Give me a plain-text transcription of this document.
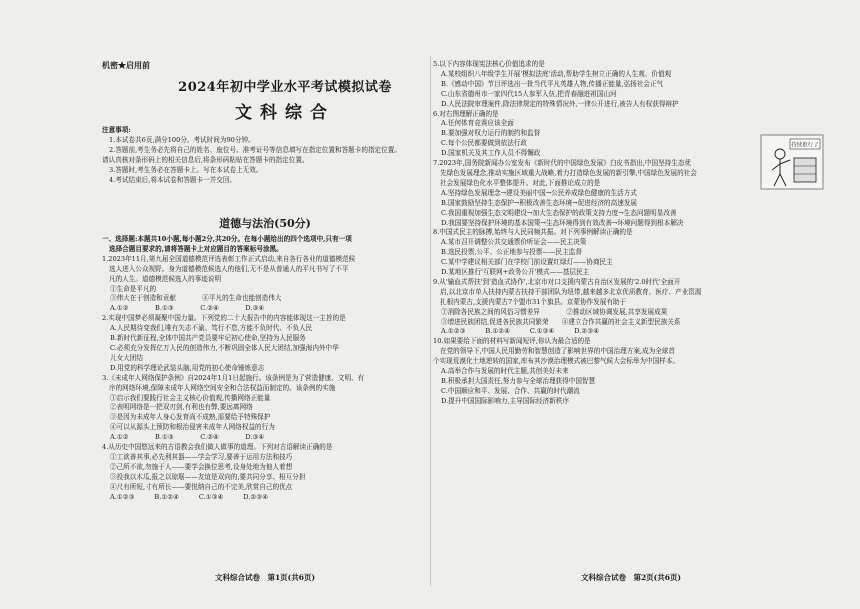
机密★启用前
2024年初中学业水平考试模拟试卷
文科综合
注意事项:
1.本试卷共6页,满分100分。考试时间为90分钟。
2.答题前,考生务必先将自己的姓名、座位号、准考证号等信息填写在指定位置和答题卡的指定位置。
请认真核对条形码上的相关信息后,将条形码粘贴在答题卡的指定位置。
3.答题时,考生务必在答题卡上。写在本试卷上无效。
4.考试结束后,将本试卷和答题卡一并交回。
道德与法治(50分)
一、选择题:本题共10小题,每小题2分,共20分。在每小题给出的四个选项中,只有一项
选择合题目要求的,请将答题卡上对应题目的答案标号涂黑。
1.2023年11月,第九届全国道德模范评选表彰工作正式启动,来自各行各业的道德模范候
选人进入公众视野。身为道德模范候选人的他们,无不是从普通人的平凡书写了不平
凡的人生。道德模范候选人的事迹说明
①生命是平凡的
③伟大在于创造和贡献　　　　④平凡的生命也能创造伟大
A.①②　　　　B.①③　　　　C.②④　　　　D.③④
2.实现中国梦必须凝聚中国力量。下列党的二十大报告中的内容能体现这一主旨的是
A.人民期待变我们,唯有矢志不渝、笃行不怠,方能不负时代、不负人民
B.新时代新征程,全体中国共产党员要牢记初心使命,坚持为人民服务
C.必须充分发挥亿万人民的创造伟力,不断巩固全体人民大团结,加强海内外中华
儿女大团结
D.用党的科学理论武装头脑,用党的初心使命锤炼意志
3.《未成年人网络保护条例》自2024年1月1日起施行。该条例是为了营造健康、文明、有
序的网络环境,保障未成年人网络空间安全和合法权益而制定的。该条例的实施
①启示我们要践行社会主义核心价值观,传播网络正能量
②表明网络是一把双刃剑,有利也有弊,要远离网络
③是因为未成年人身心发育尚不成熟,需要给予特殊保护
④可以从源头上预防和根治侵害未成年人网络权益的行为
A.①②　　　　B.①③　　　　C.②④　　　　D.③④
4.从历史中国悠远来的古语教会我们做人做事的道理。下列对古语解读正确的是
①工欲善其事,必先利其器——学会学习,要善于运用方法和技巧
②己所不欲,勿施于人——要学会换位思考,设身处地为他人着想
③投我以木瓜,报之以琼琚——友谊是双向的,要共同分享、相互分担
④尺有所短,寸有所长——要悦纳自己的不完美,欣赏自己的优点
A.①②③　　　B.①②④　　　C.①③④　　　D.②③④
文科综合试卷　第1页(共6页)
5.以下内容体现宪法核心价值追求的是
A.某校组织八年级学生开展'模拟法庭'活动,帮助学生树立正确的人生观、价值观
B.《感动中国》节目评选出一批当代平凡英雄人物,传播正能量,弘扬社会正气
C.山东省德州市一家四代15人参军入伍,把青春融进祖国山河
D.人民法院审理案件,除法律规定的特殊情况外,一律公开进行,被告人有权获得辩护
6.对右图理解正确的是
A.任何体育竞赛应该全面
B.要加强对权力运行的制约和监督
C.每个公民都要做到依法行政
D.国家机关及其工作人员不得懈政
7.2023年,国务院新闻办公室发布《新时代的中国绿色发展》白皮书指出,中国坚持生态优
先绿色发展理念,推动实施区域重大战略,着力打造绿色发展的新引擎,中国绿色发展的社会
社会发展绿色化水平整体提升。对此,下面推论成立的是
A.坚持绿色发展理念→建设美丽中国→公民养成绿色健康的生活方式
B.国家鼓励坚持生态保护→积极改善生态环境→促进经济的高速发展
C.我国重视加强生态文明建设→加大生态保护的政策支持力度→生态问题明显改善
D.我国要坚持保护环境的基本国策→生态环境得到有效改善→环境问题得到根本解决
8.中国式民主的脉搏,始终与人民同频共振。对下列事例解读正确的是
A.某市召开调整公共交通票价听证会——民主决策
B.选民投票,公平、公正地参与投票——民主监督
C.某中学建议相关部门在学校门前设置红绿灯——协商民主
D.某地区推行'互联网+政务公开'模式——基层民主
9.从'输血式帮扶'到'造血式协作',北京市对口支援内蒙古自治区发展的'2.0时代'全面开
启,以北京市单人扶持内蒙古扶持干部团队为纽带,越来越多北京优质教育、医疗、产业资源
扎根内蒙古,支援内蒙古7个盟市31个旗县。京蒙协作发展有助于
①消除各民族之间的风俗习惯差异　　　　②推动区域协调发展,共享发展成果
③增进民族团结,促进各民族共同繁荣　　④建立合作共赢的社会主义新型民族关系
A.①②③　　　B.①②④　　　C.①③④　　　D.②③④
10.如果要给下面的材料写新闻短评,你认为最合适的是
在党的领导下,中国人民用勤劳和智慧创造了影响世界的中国治理方案,成为全球首
个实现荒漠化土地逆转的国家,库布其沙漠治理模式被巴黎气候大会标举为中国样本。
A.高举合作与发展的时代主题,共创美好未来
B.积极承担大国责任,努力参与全球治理获得中国智慧
C.中国顺应和平、发展、合作、共赢的时代潮流
D.提升中国国际影响力,主导国际经济新秩序
文科综合试卷　第2页(共6页)
持续推行了
